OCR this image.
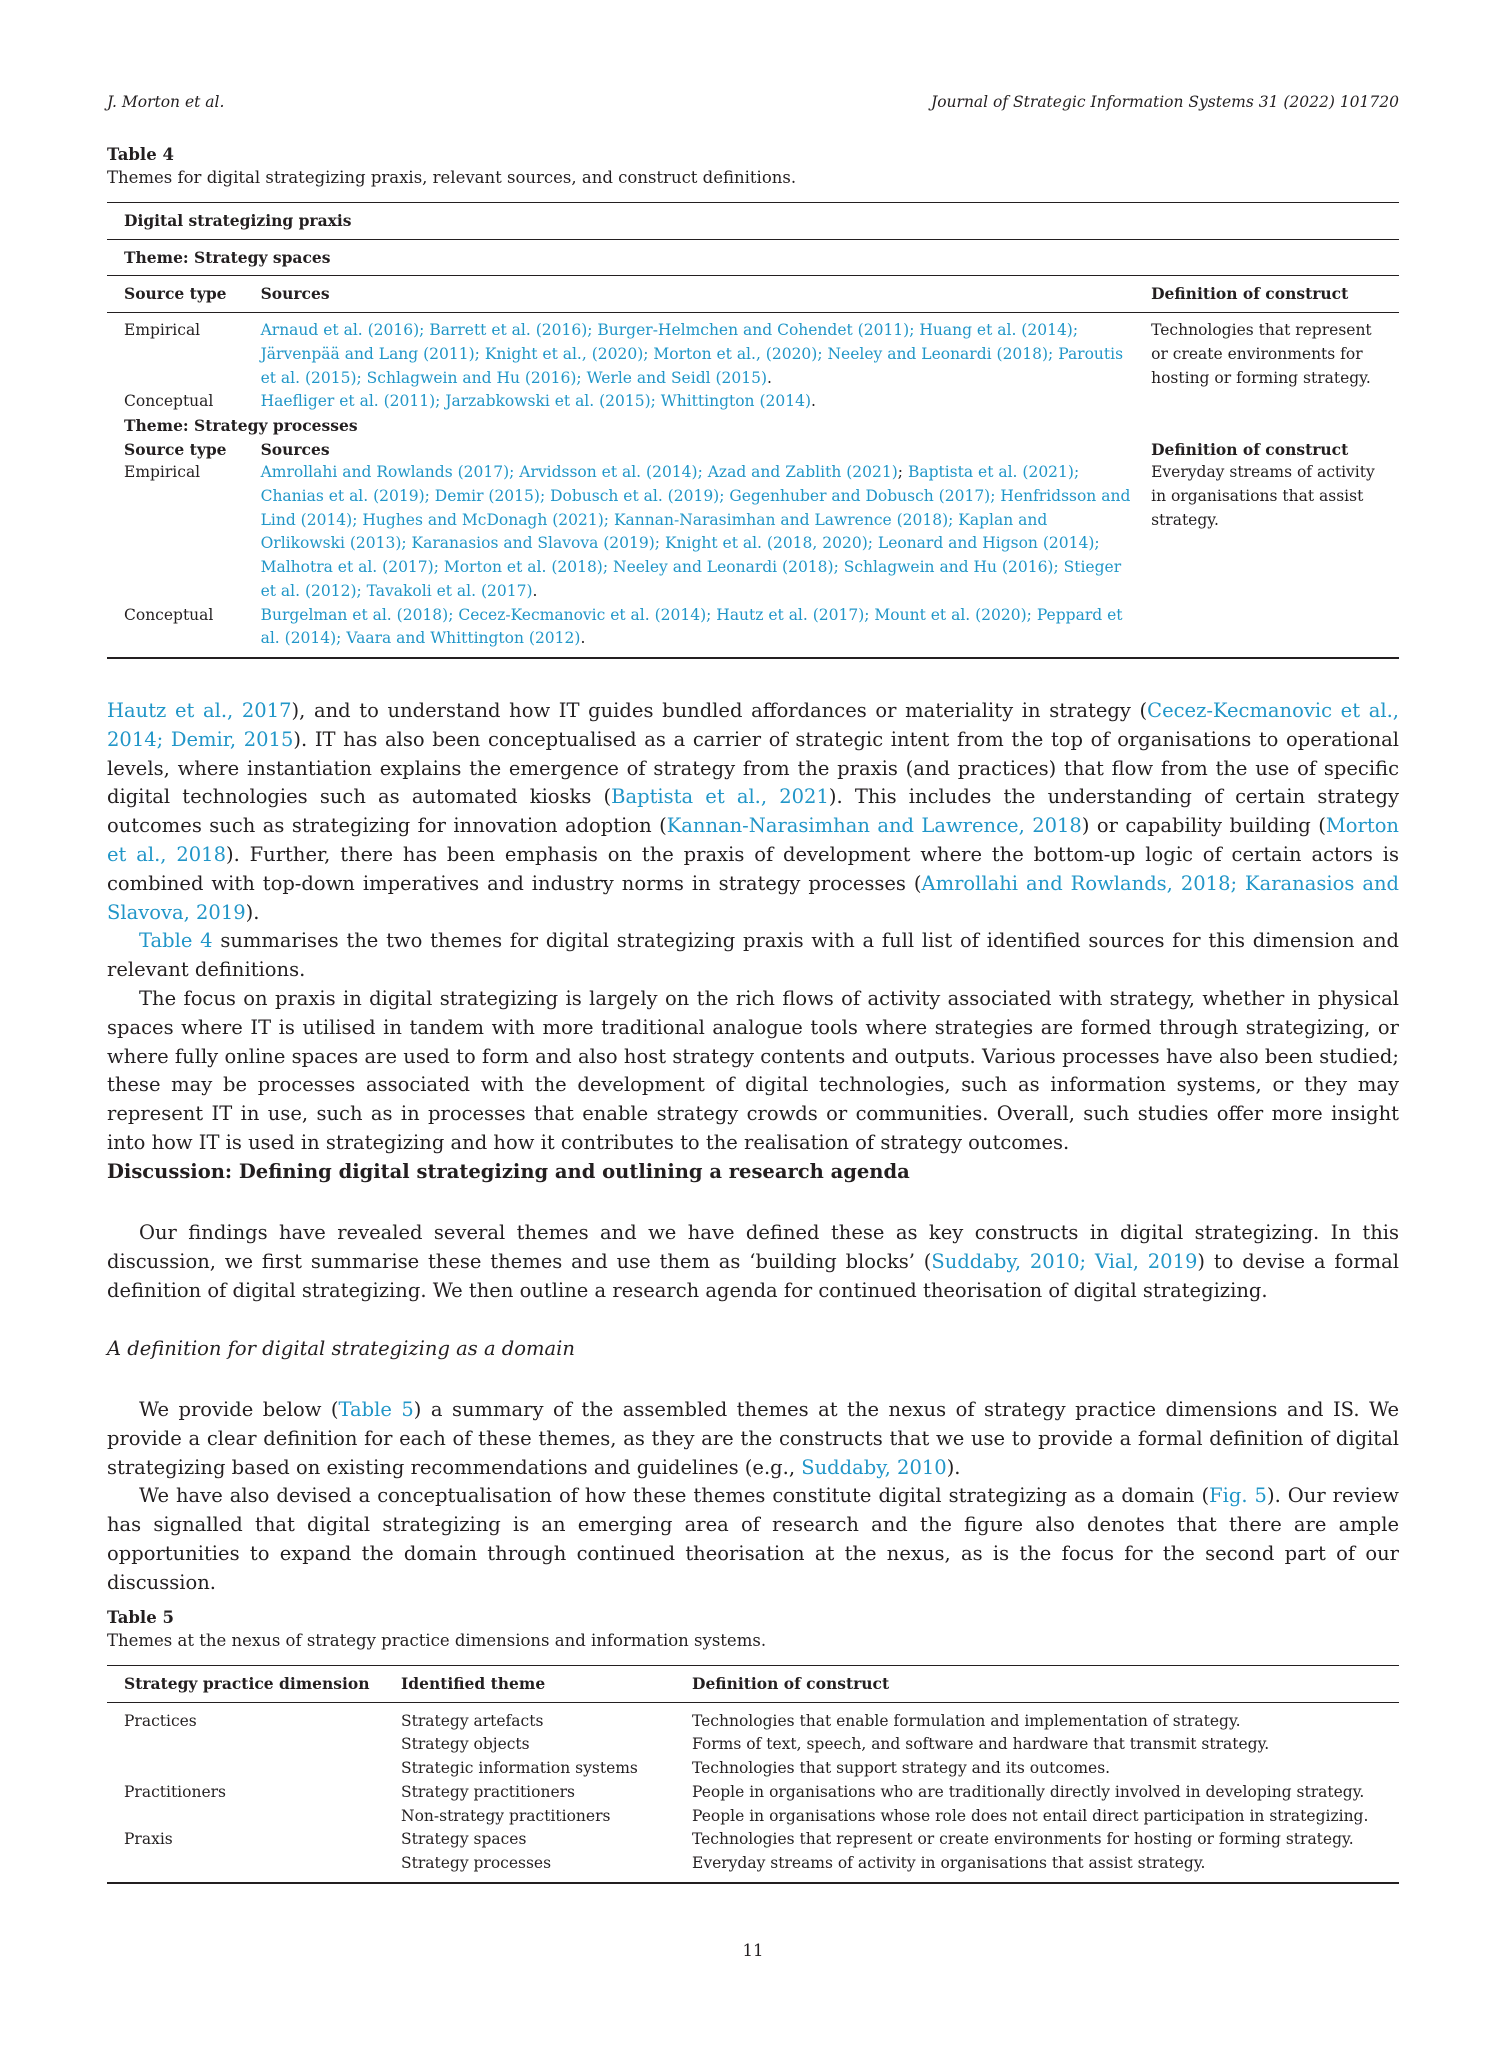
J. Morton et al.	Journal of Strategic Information Systems 31 (2022) 101720
Table 4
Themes for digital strategizing praxis, relevant sources, and construct definitions.
Digital strategizing praxis		
Theme: Strategy spaces		
Source type	Sources	Definition of construct
Empirical	Arnaud et al. (2016); Barrett et al. (2016); Burger-Helmchen and Cohendet (2011); Huang et al. (2014); Järvenpää and Lang (2011); Knight et al., (2020); Morton et al., (2020); Neeley and Leonardi (2018); Paroutis et al. (2015); Schlagwein and Hu (2016); Werle and Seidl (2015).	Technologies that represent or create environments for hosting or forming strategy.
Conceptual	Haefliger et al. (2011); Jarzabkowski et al. (2015); Whittington (2014).	
Theme: Strategy processes		
Source type	Sources	Definition of construct
Empirical	Amrollahi and Rowlands (2017); Arvidsson et al. (2014); Azad and Zablith (2021); Baptista et al. (2021); Chanias et al. (2019); Demir (2015); Dobusch et al. (2019); Gegenhuber and Dobusch (2017); Henfridsson and Lind (2014); Hughes and McDonagh (2021); Kannan-Narasimhan and Lawrence (2018); Kaplan and Orlikowski (2013); Karanasios and Slavova (2019); Knight et al. (2018, 2020); Leonard and Higson (2014); Malhotra et al. (2017); Morton et al. (2018); Neeley and Leonardi (2018); Schlagwein and Hu (2016); Stieger et al. (2012); Tavakoli et al. (2017).	Everyday streams of activity in organisations that assist strategy.
Conceptual	Burgelman et al. (2018); Cecez-Kecmanovic et al. (2014); Hautz et al. (2017); Mount et al. (2020); Peppard et al. (2014); Vaara and Whittington (2012).	

Hautz et al., 2017), and to understand how IT guides bundled affordances or materiality in strategy (Cecez-Kecmanovic et al., 2014; Demir, 2015). IT has also been conceptualised as a carrier of strategic intent from the top of organisations to operational levels, where instantiation explains the emergence of strategy from the praxis (and practices) that flow from the use of specific digital technologies such as automated kiosks (Baptista et al., 2021). This includes the understanding of certain strategy outcomes such as strategizing for innovation adoption (Kannan-Narasimhan and Lawrence, 2018) or capability building (Morton et al., 2018). Further, there has been emphasis on the praxis of development where the bottom-up logic of certain actors is combined with top-down imperatives and industry norms in strategy processes (Amrollahi and Rowlands, 2018; Karanasios and Slavova, 2019).

Table 4 summarises the two themes for digital strategizing praxis with a full list of identified sources for this dimension and relevant definitions.

The focus on praxis in digital strategizing is largely on the rich flows of activity associated with strategy, whether in physical spaces where IT is utilised in tandem with more traditional analogue tools where strategies are formed through strategizing, or where fully online spaces are used to form and also host strategy contents and outputs. Various processes have also been studied; these may be processes associated with the development of digital technologies, such as information systems, or they may represent IT in use, such as in processes that enable strategy crowds or communities. Overall, such studies offer more insight into how IT is used in strategizing and how it contributes to the realisation of strategy outcomes.

Discussion: Defining digital strategizing and outlining a research agenda

Our findings have revealed several themes and we have defined these as key constructs in digital strategizing. In this discussion, we first summarise these themes and use them as ‘building blocks’ (Suddaby, 2010; Vial, 2019) to devise a formal definition of digital strategizing. We then outline a research agenda for continued theorisation of digital strategizing.

A definition for digital strategizing as a domain

We provide below (Table 5) a summary of the assembled themes at the nexus of strategy practice dimensions and IS. We provide a clear definition for each of these themes, as they are the constructs that we use to provide a formal definition of digital strategizing based on existing recommendations and guidelines (e.g., Suddaby, 2010).

We have also devised a conceptualisation of how these themes constitute digital strategizing as a domain (Fig. 5). Our review has signalled that digital strategizing is an emerging area of research and the figure also denotes that there are ample opportunities to expand the domain through continued theorisation at the nexus, as is the focus for the second part of our discussion.

Table 5
Themes at the nexus of strategy practice dimensions and information systems.
Strategy practice dimension	Identified theme	Definition of construct
Practices	Strategy artefacts	Technologies that enable formulation and implementation of strategy.
	Strategy objects	Forms of text, speech, and software and hardware that transmit strategy.
	Strategic information systems	Technologies that support strategy and its outcomes.
Practitioners	Strategy practitioners	People in organisations who are traditionally directly involved in developing strategy.
	Non-strategy practitioners	People in organisations whose role does not entail direct participation in strategizing.
Praxis	Strategy spaces	Technologies that represent or create environments for hosting or forming strategy.
	Strategy processes	Everyday streams of activity in organisations that assist strategy.
11
